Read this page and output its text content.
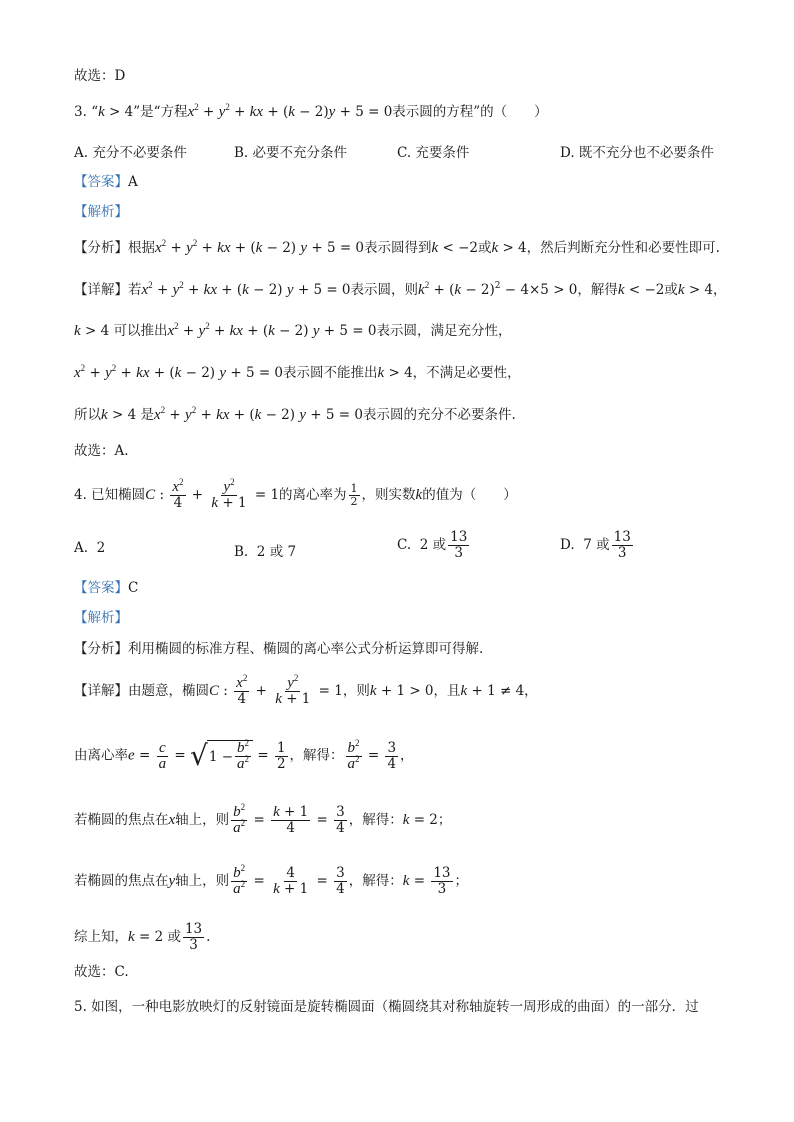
故选：D
3. “k > 4”是“方程$x^2 + y^2$ + kx + (k − 2)y + 5 = 0表示圆的方程”的（　　）
A. 充分不必要条件	B. 必要不充分条件	C. 充要条件	D. 既不充分也不必要条件
【答案】A
【解析】
【分析】根据$x^2 + y^2$ + kx + (k − 2) y + 5 = 0表示圆得到k < −2或k > 4，然后判断充分性和必要性即可.
【详解】若$x^2 + y^2$ + kx + (k − 2) y + 5 = 0表示圆，则$k^2 + (k - 2)^2 - 4\times 5 > 0$，解得k < −2或k > 4，
k > 4 可以推出$x^2 + y^2$ + kx + (k − 2) y + 5 = 0表示圆，满足充分性，
$x^2 + y^2$ + kx + (k − 2) y + 5 = 0表示圆不能推出k > 4，不满足必要性，
所以k > 4 是$x^2 + y^2$ + kx + (k − 2) y + 5 = 0表示圆的充分不必要条件.
故选：A.
4. 已知椭圆C : $\frac{x^2}{4} + \frac{y^2}{k + 1} = 1$的离心率为 $\frac{1}{2}$ ，则实数k的值为（　　）
A.  2	B.  2 或 7	C.  2 或 $\frac{13}{3}$	D.  7 或 $\frac{13}{3}$
【答案】C
【解析】
【分析】利用椭圆的标准方程、椭圆的离心率公式分析运算即可得解.
【详解】由题意，椭圆C : $\frac{x^2}{4} + \frac{y^2}{k + 1} = 1$，则k + 1 > 0，且k + 1 ≠ 4，
由离心率$e = \frac{c}{a}$ = √ $1 - \frac{b^2}{a^2} = \frac{1}{2}$ ，解得： $\frac{b^2}{a^2} = \frac{3}{4}$ ，
若椭圆的焦点在x轴上，则 $\frac{b^2}{a^2} = \frac{k + 1}{4} = \frac{3}{4}$ ，解得：k = 2；
若椭圆的焦点在y轴上，则 $\frac{b^2}{a^2} = \frac{4}{k + 1} = \frac{3}{4}$ ，解得：$k = \frac{13}{3}$ ；
综上知，k = 2 或 $\frac{13}{3}$ .
故选：C.
5. 如图，一种电影放映灯的反射镜面是旋转椭圆面（椭圆绕其对称轴旋转一周形成的曲面）的一部分．过
